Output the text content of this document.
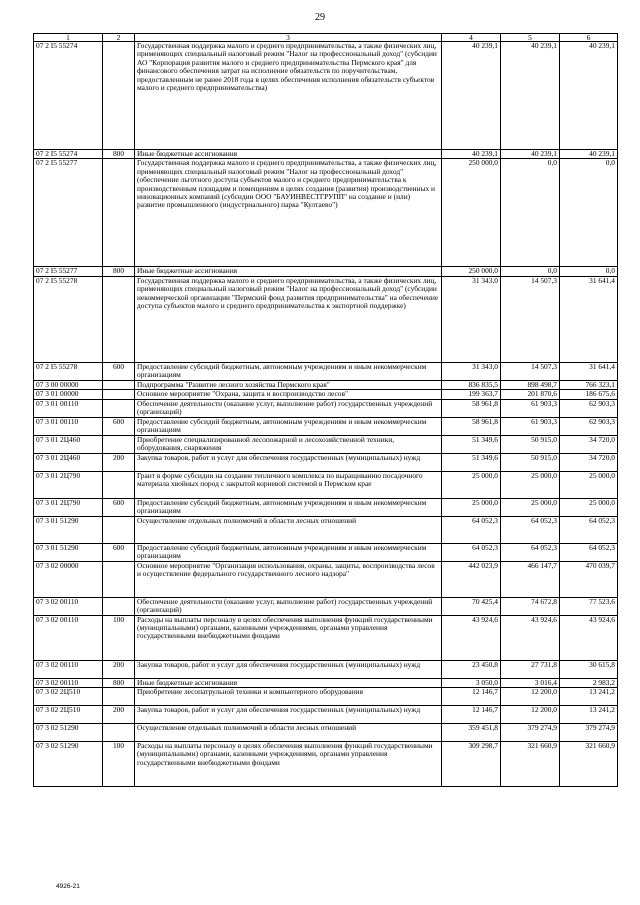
29
1	2	3	4	5	6
07 2 I5 55274		Государственная поддержка малого и среднего предпринимательства, а также физических лиц, применяющих специальный налоговый режим "Налог на профессиональный доход" (субсидии АО "Корпорация развития малого и среднего предпринимательства Пермского края" для финансового обеспечения затрат на исполнение обязательств по поручительствам, предоставленным не ранее 2018 года в целях обеспечения исполнения обязательств субъектов малого и среднего предпринимательства)	40 239,1	40 239,1	40 239,1
07 2 I5 55274	800	Иные бюджетные ассигнования	40 239,1	40 239,1	40 239,1
07 2 I5 55277		Государственная поддержка малого и среднего предпринимательства, а также физических лиц, применяющих специальный налоговый режим "Налог на профессиональный доход" (обеспечение льготного доступа субъектов малого и среднего предпринимательства к производственным площадям и помещениям в целях создания (развития) производственных и инновационных компаний (субсидии ООО "БАУИНВЕСТГРУПП" на создание и (или) развитие промышленного (индустриального) парка "Култаево")	250 000,0	0,0	0,0
07 2 I5 55277	800	Иные бюджетные ассигнования	250 000,0	0,0	0,0
07 2 I5 55278		Государственная поддержка малого и среднего предпринимательства, а также физических лиц, применяющих специальный налоговый режим "Налог на профессиональный доход" (субсидии некоммерческой организации "Пермский фонд развития предпринимательства" на обеспечение доступа субъектов малого и среднего предпринимательства к экспортной поддержке)	31 343,0	14 507,3	31 641,4
07 2 I5 55278	600	Предоставление субсидий бюджетным, автономным учреждениям и иным некоммерческим организациям	31 343,0	14 507,3	31 641,4
07 3 00 00000		Подпрограмма "Развитие лесного хозяйства Пермского края"	836 835,5	898 498,7	766 323,1
07 3 01 00000		Основное мероприятие "Охрана, защита и воспроизводство лесов"	199 363,7	201 870,6	186 675,6
07 3 01 00110		Обеспечение деятельности (оказание услуг, выполнение работ) государственных учреждений (организаций)	58 961,8	61 903,3	62 903,3
07 3 01 00110	600	Предоставление субсидий бюджетным, автономным учреждениям и иным некоммерческим организациям	58 961,8	61 903,3	62 903,3
07 3 01 2Ц460		Приобретение специализированной лесопожарной и лесохозяйственной техники, оборудования, снаряжения	51 349,6	50 915,0	34 720,0
07 3 01 2Ц460	200	Закупка товаров, работ и услуг для обеспечения государственных (муниципальных) нужд	51 349,6	50 915,0	34 720,0
07 3 01 2Ц790		Грант в форме субсидии на создание тепличного комплекса по выращиванию посадочного материала хвойных пород с закрытой корневой системой в Пермском крае	25 000,0	25 000,0	25 000,0
07 3 01 2Ц790	600	Предоставление субсидий бюджетным, автономным учреждениям и иным некоммерческим организациям	25 000,0	25 000,0	25 000,0
07 3 01 51290		Осуществление отдельных полномочий в области лесных отношений	64 052,3	64 052,3	64 052,3
07 3 01 51290	600	Предоставление субсидий бюджетным, автономным учреждениям и иным некоммерческим организациям	64 052,3	64 052,3	64 052,3
07 3 02 00000		Основное мероприятие "Организация использования, охраны, защиты, воспроизводства лесов и осуществление федерального государственного лесного надзора"	442 023,9	466 147,7	470 039,7
07 3 02 00110		Обеспечение деятельности (оказание услуг, выполнение работ) государственных учреждений (организаций)	70 425,4	74 672,8	77 523,6
07 3 02 00110	100	Расходы на выплаты персоналу в целях обеспечения выполнения функций государственными (муниципальными) органами, казенными учреждениями, органами управления государственными внебюджетными фондами	43 924,6	43 924,6	43 924,6
07 3 02 00110	200	Закупка товаров, работ и услуг для обеспечения государственных (муниципальных) нужд	23 450,8	27 731,8	30 615,8
07 3 02 00110	800	Иные бюджетные ассигнования	3 050,0	3 016,4	2 983,2
07 3 02 2Ц510		Приобретение лесопатрульной техники и компьютерного оборудования	12 146,7	12 200,0	13 241,2
07 3 02 2Ц510	200	Закупка товаров, работ и услуг для обеспечения государственных (муниципальных) нужд	12 146,7	12 200,0	13 241,2
07 3 02 51290		Осуществление отдельных полномочий в области лесных отношений	359 451,8	379 274,9	379 274,9
07 3 02 51290	100	Расходы на выплаты персоналу в целях обеспечения выполнения функций государственными (муниципальными) органами, казенными учреждениями, органами управления государственными внебюджетными фондами	309 298,7	321 660,9	321 660,9
4926-21
